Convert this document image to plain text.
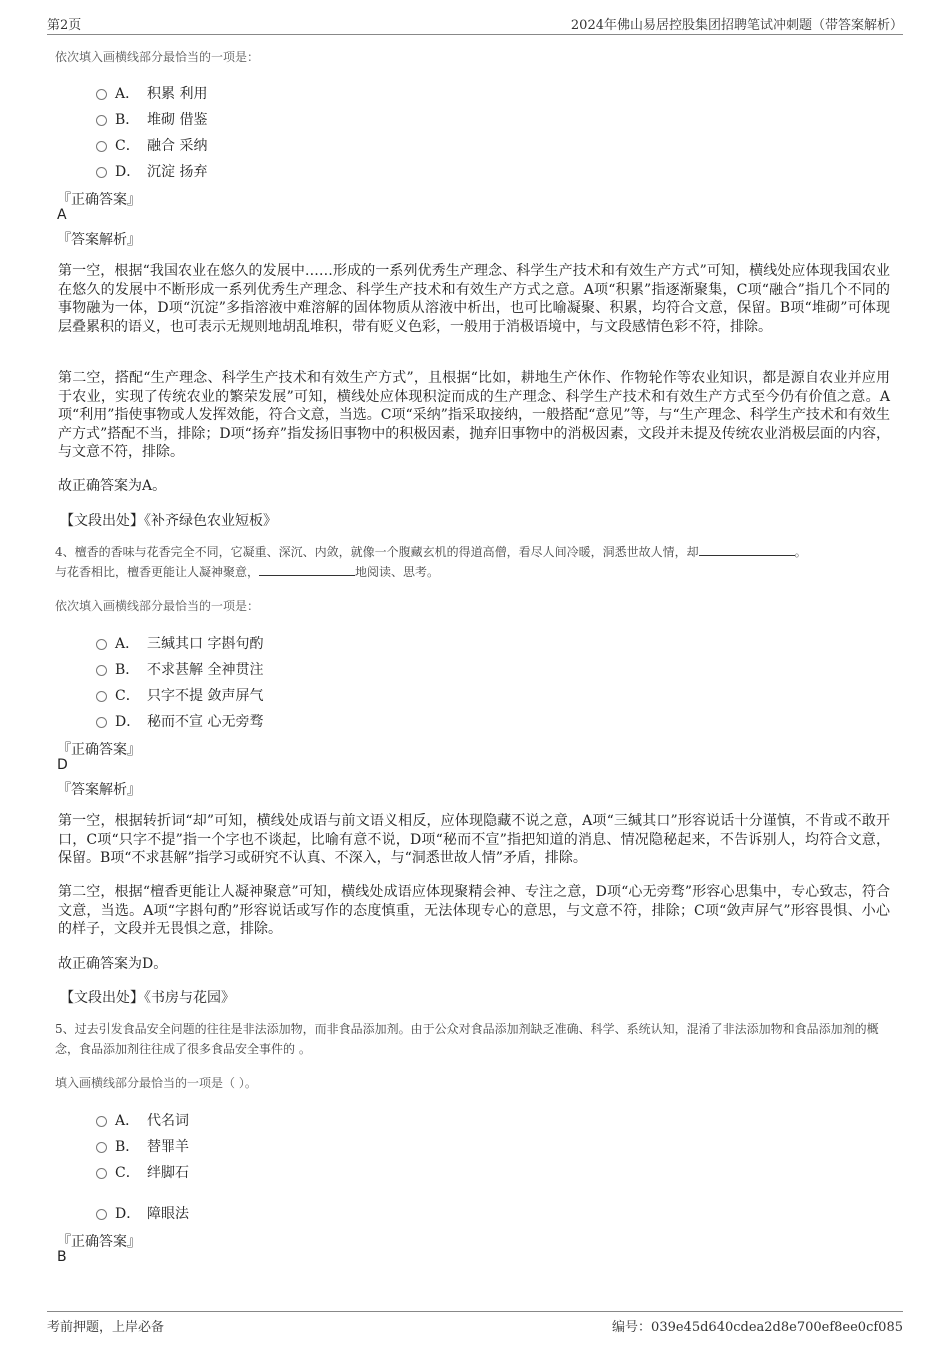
第2页	2024年佛山易居控股集团招聘笔试冲刺题（带答案解析）
依次填入画横线部分最恰当的一项是：
A． 积累 利用
B． 堆砌 借鉴
C． 融合 采纳
D． 沉淀 扬弃
『正确答案』
A
『答案解析』
第一空，根据“我国农业在悠久的发展中……形成的一系列优秀生产理念、科学生产技术和有效生产方式”可知，横线处应体现我国农业在悠久的发展中不断形成一系列优秀生产理念、科学生产技术和有效生产方式之意。A项“积累”指逐渐聚集，C项“融合”指几个不同的事物融为一体，D项“沉淀”多指溶液中难溶解的固体物质从溶液中析出，也可比喻凝聚、积累，均符合文意，保留。B项“堆砌”可体现层叠累积的语义，也可表示无规则地胡乱堆积，带有贬义色彩，一般用于消极语境中，与文段感情色彩不符，排除。
第二空，搭配“生产理念、科学生产技术和有效生产方式”，且根据“比如，耕地生产休作、作物轮作等农业知识，都是源自农业并应用于农业，实现了传统农业的繁荣发展”可知，横线处应体现积淀而成的生产理念、科学生产技术和有效生产方式至今仍有价值之意。A项“利用”指使事物或人发挥效能，符合文意，当选。C项“采纳”指采取接纳，一般搭配“意见”等，与“生产理念、科学生产技术和有效生产方式”搭配不当，排除；D项“扬弃”指发扬旧事物中的积极因素，抛弃旧事物中的消极因素，文段并未提及传统农业消极层面的内容，与文意不符，排除。
故正确答案为A。
【文段出处】《补齐绿色农业短板》
4、檀香的香味与花香完全不同，它凝重、深沉、内敛，就像一个腹藏玄机的得道高僧，看尽人间冷暖，洞悉世故人情，却	。
与花香相比，檀香更能让人凝神聚意，	地阅读、思考。
依次填入画横线部分最恰当的一项是：
A． 三缄其口 字斟句酌
B． 不求甚解 全神贯注
C． 只字不提 敛声屏气
D． 秘而不宣 心无旁骛
『正确答案』
D
『答案解析』
第一空，根据转折词“却”可知，横线处成语与前文语义相反，应体现隐藏不说之意，A项“三缄其口”形容说话十分谨慎，不肯或不敢开口，C项“只字不提”指一个字也不谈起，比喻有意不说，D项“秘而不宣”指把知道的消息、情况隐秘起来，不告诉别人，均符合文意，保留。B项“不求甚解”指学习或研究不认真、不深入，与“洞悉世故人情”矛盾，排除。
第二空，根据“檀香更能让人凝神聚意”可知，横线处成语应体现聚精会神、专注之意，D项“心无旁骛”形容心思集中，专心致志，符合文意，当选。A项“字斟句酌”形容说话或写作的态度慎重，无法体现专心的意思，与文意不符，排除；C项“敛声屏气”形容畏惧、小心的样子，文段并无畏惧之意，排除。
故正确答案为D。
【文段出处】《书房与花园》
5、过去引发食品安全问题的往往是非法添加物，而非食品添加剂。由于公众对食品添加剂缺乏准确、科学、系统认知，混淆了非法添加物和食品添加剂的概念，食品添加剂往往成了很多食品安全事件的 。
填入画横线部分最恰当的一项是（ ）。
A． 代名词
B． 替罪羊
C． 绊脚石
D． 障眼法
『正确答案』
B
考前押题，上岸必备	编号：039e45d640cdea2d8e700ef8ee0cf085
